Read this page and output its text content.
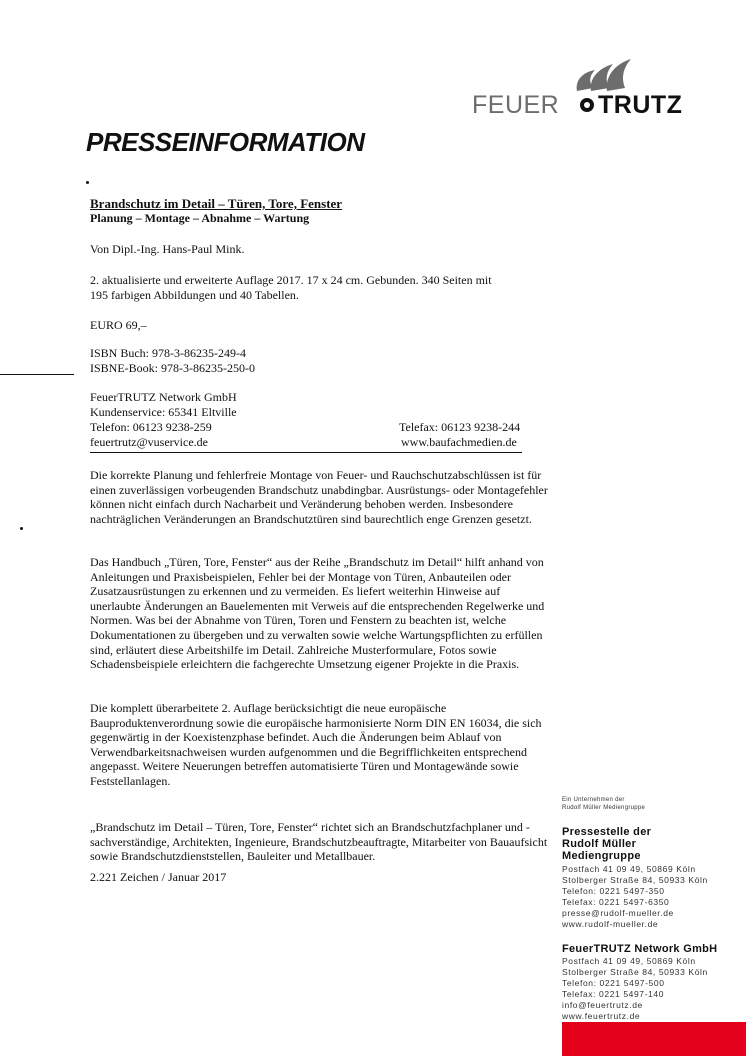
FEUER TRUTZ
PRESSEINFORMATION
Brandschutz im Detail – Türen, Tore, Fenster
Planung – Montage – Abnahme – Wartung
Von Dipl.-Ing. Hans-Paul Mink.
2. aktualisierte und erweiterte Auflage 2017. 17 x 24 cm. Gebunden. 340 Seiten mit
195 farbigen Abbildungen und 40 Tabellen.
EURO 69,–
ISBN Buch: 978-3-86235-249-4
ISBNE-Book: 978-3-86235-250-0
FeuerTRUTZ Network GmbH
Kundenservice: 65341 Eltville
Telefon: 06123 9238-259	Telefax: 06123 9238-244
feuertrutz@vuservice.de	www.baufachmedien.de
Die korrekte Planung und fehlerfreie Montage von Feuer- und Rauchschutzabschlüssen ist für einen zuverlässigen vorbeugenden Brandschutz unabdingbar. Ausrüstungs- oder Montagefehler können nicht einfach durch Nacharbeit und Veränderung behoben werden. Insbesondere nachträglichen Veränderungen an Brandschutztüren sind baurechtlich enge Grenzen gesetzt.
Das Handbuch „Türen, Tore, Fenster“ aus der Reihe „Brandschutz im Detail“ hilft anhand von Anleitungen und Praxisbeispielen, Fehler bei der Montage von Türen, Anbauteilen oder Zusatzausrüstungen zu erkennen und zu vermeiden. Es liefert weiterhin Hinweise auf unerlaubte Änderungen an Bauelementen mit Verweis auf die entsprechenden Regelwerke und Normen. Was bei der Abnahme von Türen, Toren und Fenstern zu beachten ist, welche Dokumentationen zu übergeben und zu verwalten sowie welche Wartungspflichten zu erfüllen sind, erläutert diese Arbeitshilfe im Detail. Zahlreiche Musterformulare, Fotos sowie Schadensbeispiele erleichtern die fachgerechte Umsetzung eigener Projekte in die Praxis.
Die komplett überarbeitete 2. Auflage berücksichtigt die neue europäische Bauproduktenverordnung sowie die europäische harmonisierte Norm DIN EN 16034, die sich gegenwärtig in der Koexistenzphase befindet. Auch die Änderungen beim Ablauf von Verwendbarkeitsnachweisen wurden aufgenommen und die Begrifflichkeiten entsprechend angepasst. Weitere Neuerungen betreffen automatisierte Türen und Montagewände sowie Feststellanlagen.
„Brandschutz im Detail – Türen, Tore, Fenster“ richtet sich an Brandschutzfachplaner und -sachverständige, Architekten, Ingenieure, Brandschutzbeauftragte, Mitarbeiter von Bauaufsicht sowie Brandschutzdienststellen, Bauleiter und Metallbauer.
2.221 Zeichen / Januar 2017
Ein Unternehmen der
Rudolf Müller Mediengruppe
Pressestelle der
Rudolf Müller
Mediengruppe
Postfach 41 09 49, 50869 Köln
Stolberger Straße 84, 50933 Köln
Telefon: 0221 5497-350
Telefax: 0221 5497-6350
presse@rudolf-mueller.de
www.rudolf-mueller.de
FeuerTRUTZ Network GmbH
Postfach 41 09 49, 50869 Köln
Stolberger Straße 84, 50933 Köln
Telefon: 0221 5497-500
Telefax: 0221 5497-140
info@feuertrutz.de
www.feuertrutz.de
